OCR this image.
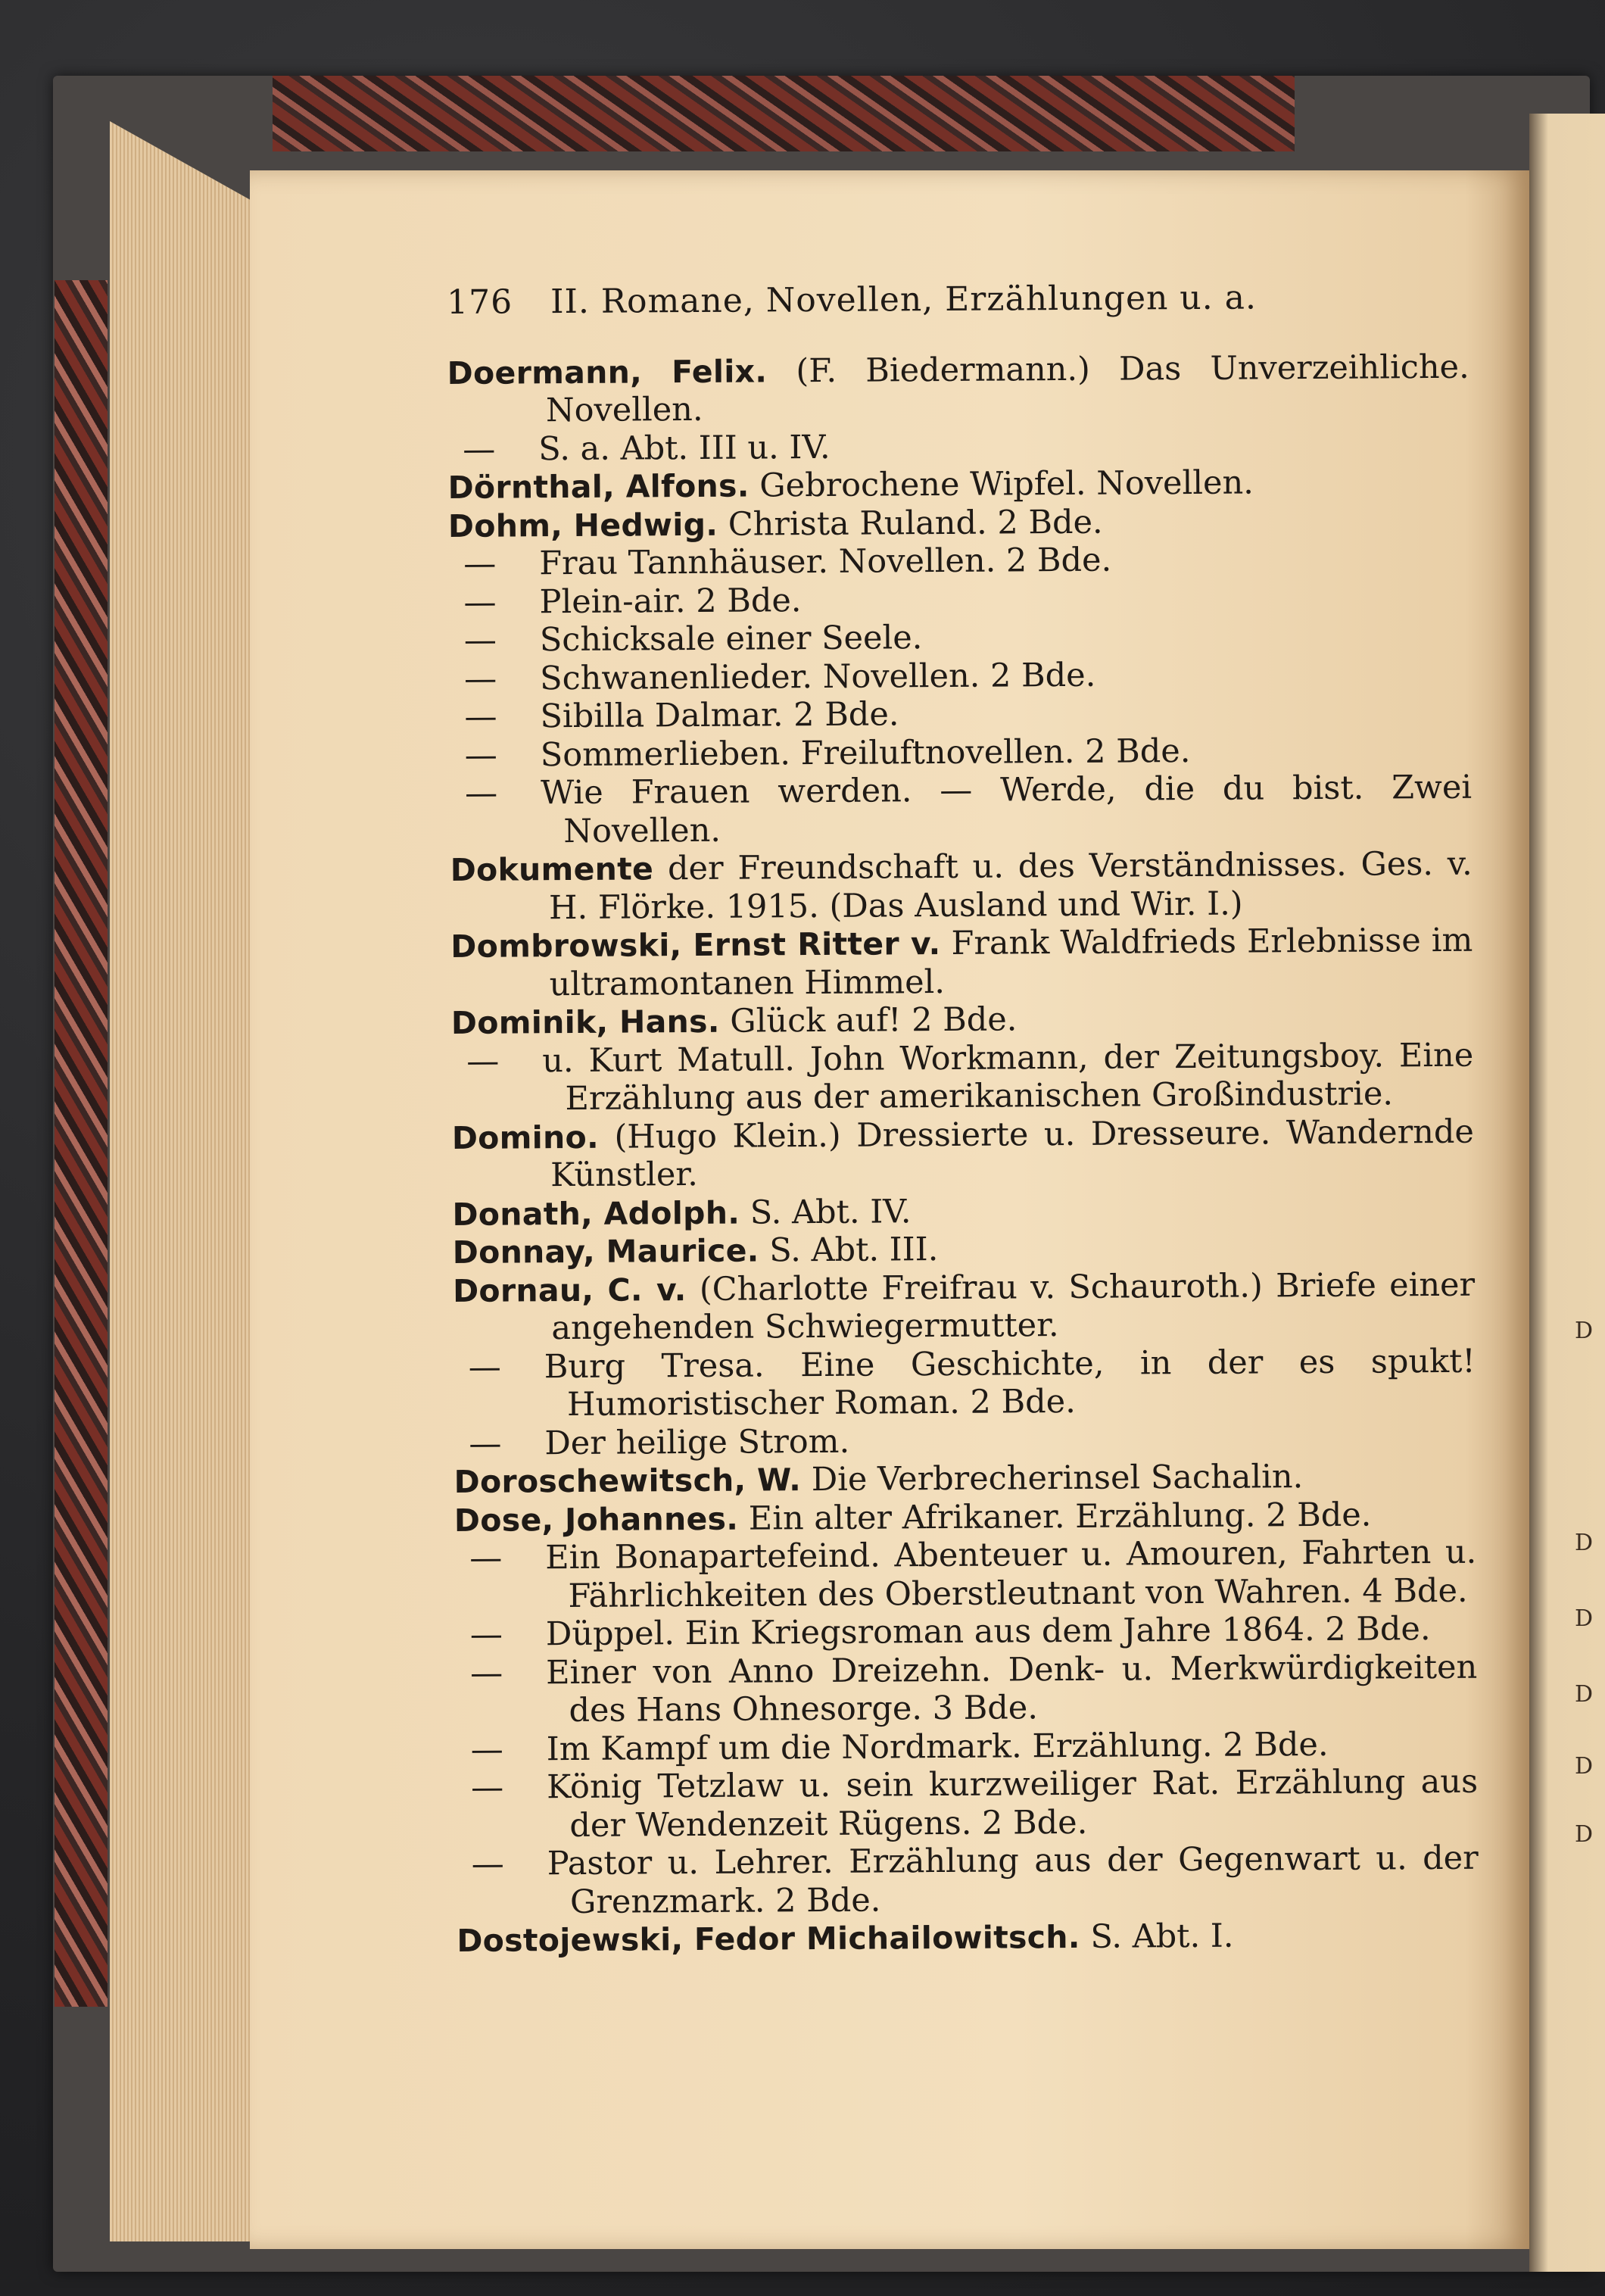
D
D
D
D
D
D
176 II. Romane, Novellen, Erzählungen u. a.
Doermann, Felix. (F. Biedermann.) Das Unverzeihliche. Novellen.
— S. a. Abt. III u. IV.
Dörnthal, Alfons. Gebrochene Wipfel. Novellen.
Dohm, Hedwig. Christa Ruland. 2 Bde.
— Frau Tannhäuser. Novellen. 2 Bde.
— Plein-air. 2 Bde.
— Schicksale einer Seele.
— Schwanenlieder. Novellen. 2 Bde.
— Sibilla Dalmar. 2 Bde.
— Sommerlieben. Freiluftnovellen. 2 Bde.
— Wie Frauen werden. — Werde, die du bist. Zwei Novellen.
Dokumente der Freundschaft u. des Verständnisses. Ges. v. H. Flörke. 1915. (Das Ausland und Wir. I.)
Dombrowski, Ernst Ritter v. Frank Waldfrieds Erlebnisse im ultramontanen Himmel.
Dominik, Hans. Glück auf! 2 Bde.
— u. Kurt Matull. John Workmann, der Zeitungsboy. Eine Erzählung aus der amerikanischen Großindustrie.
Domino. (Hugo Klein.) Dressierte u. Dresseure. Wandernde Künstler.
Donath, Adolph. S. Abt. IV.
Donnay, Maurice. S. Abt. III.
Dornau, C. v. (Charlotte Freifrau v. Schauroth.) Briefe einer angehenden Schwiegermutter.
— Burg Tresa. Eine Geschichte, in der es spukt! Humoristischer Roman. 2 Bde.
— Der heilige Strom.
Doroschewitsch, W. Die Verbrecherinsel Sachalin.
Dose, Johannes. Ein alter Afrikaner. Erzählung. 2 Bde.
— Ein Bonapartefeind. Abenteuer u. Amouren, Fahrten u. Fährlichkeiten des Oberstleutnant von Wahren. 4 Bde.
— Düppel. Ein Kriegsroman aus dem Jahre 1864. 2 Bde.
— Einer von Anno Dreizehn. Denk- u. Merkwürdigkeiten des Hans Ohnesorge. 3 Bde.
— Im Kampf um die Nordmark. Erzählung. 2 Bde.
— König Tetzlaw u. sein kurzweiliger Rat. Erzählung aus der Wendenzeit Rügens. 2 Bde.
— Pastor u. Lehrer. Erzählung aus der Gegenwart u. der Grenzmark. 2 Bde.
Dostojewski, Fedor Michailowitsch. S. Abt. I.
